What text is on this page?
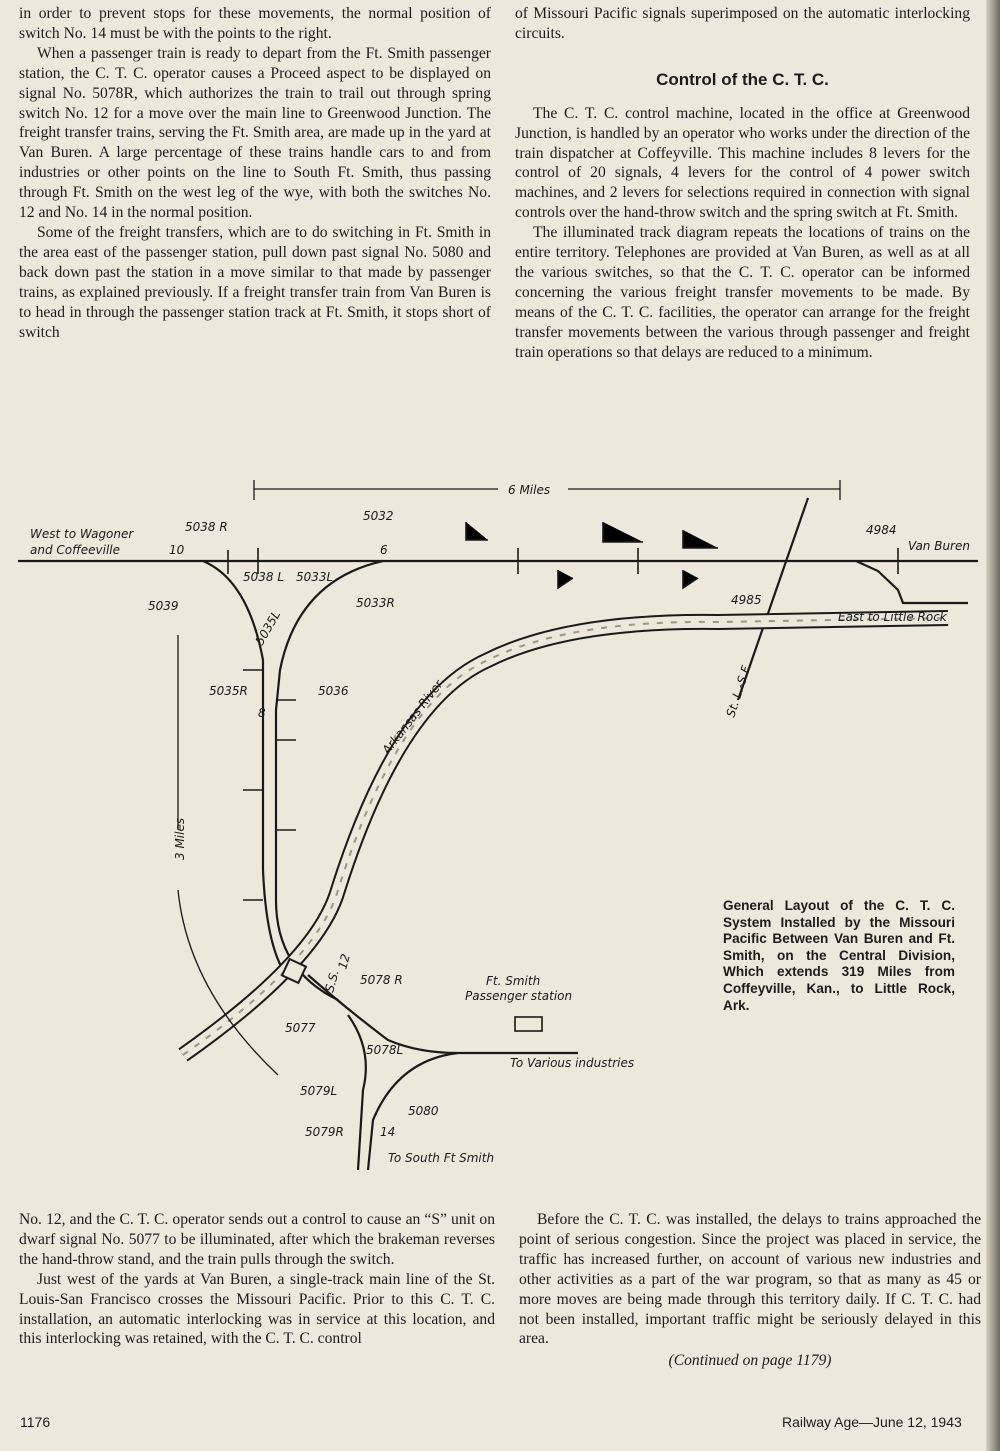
in order to prevent stops for these movements, the normal position of switch No. 14 must be with the points to the right.

When a passenger train is ready to depart from the Ft. Smith passenger station, the C. T. C. operator causes a Proceed aspect to be displayed on signal No. 5078R, which authorizes the train to trail out through spring switch No. 12 for a move over the main line to Greenwood Junction. The freight transfer trains, serving the Ft. Smith area, are made up in the yard at Van Buren. A large percentage of these trains handle cars to and from industries or other points on the line to South Ft. Smith, thus passing through Ft. Smith on the west leg of the wye, with both the switches No. 12 and No. 14 in the normal position.

Some of the freight transfers, which are to do switching in Ft. Smith in the area east of the passenger station, pull down past signal No. 5080 and back down past the station in a move similar to that made by passenger trains, as explained previously. If a freight transfer train from Van Buren is to head in through the passenger station track at Ft. Smith, it stops short of switch

of Missouri Pacific signals superimposed on the automatic interlocking circuits.

Control of the C. T. C.

The C. T. C. control machine, located in the office at Greenwood Junction, is handled by an operator who works under the direction of the train dispatcher at Coffeyville. This machine includes 8 levers for the control of 20 signals, 4 levers for the control of 4 power switch machines, and 2 levers for selections required in connection with signal controls over the hand-throw switch and the spring switch at Ft. Smith.

The illuminated track diagram repeats the locations of trains on the entire territory. Telephones are provided at Van Buren, as well as at all the various switches, so that the C. T. C. operator can be informed concerning the various freight transfer movements to be made. By means of the C. T. C. facilities, the operator can arrange for the freight transfer movements between the various through passenger and freight train operations so that delays are reduced to a minimum.

6 Miles
3 Miles
West to Wagoner
and Coffeeville	Van Buren
East to Little Rock
Arkansas River	St. L.-S.F.
Ft. Smith
Passenger station
To Various industries
To South Ft Smith
5038 R
5032
4984
5039
5038 L 5033L
5033R	4985
5035L
5035R	5036
5078 R
5077
5078L
5079L
5079R
5080
10	6
8
12
14
S.S.
General Layout of the C. T. C. System Installed by the Missouri Pacific Between Van Buren and Ft. Smith, on the Central Division, Which extends 319 Miles from Coffeyville, Kan., to Little Rock, Ark.

No. 12, and the C. T. C. operator sends out a control to cause an “S” unit on dwarf signal No. 5077 to be illuminated, after which the brakeman reverses the hand-throw stand, and the train pulls through the switch.

Just west of the yards at Van Buren, a single-track main line of the St. Louis-San Francisco crosses the Missouri Pacific. Prior to this C. T. C. installation, an automatic interlocking was in service at this location, and this interlocking was retained, with the C. T. C. control

Before the C. T. C. was installed, the delays to trains approached the point of serious congestion. Since the project was placed in service, the traffic has increased further, on account of various new industries and other activities as a part of the war program, so that as many as 45 or more moves are being made through this territory daily. If C. T. C. had not been installed, important traffic might be seriously delayed in this area.

(Continued on page 1179)

1176	Railway Age—June 12, 1943
